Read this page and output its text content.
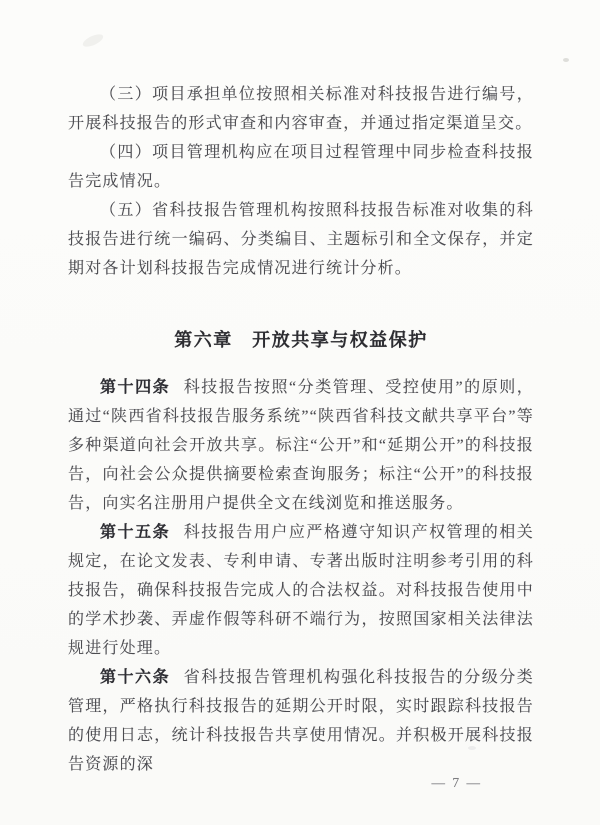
（三）项目承担单位按照相关标准对科技报告进行编号，开展科技报告的形式审查和内容审查，并通过指定渠道呈交。

（四）项目管理机构应在项目过程管理中同步检查科技报告完成情况。

（五）省科技报告管理机构按照科技报告标准对收集的科技报告进行统一编码、分类编目、主题标引和全文保存，并定期对各计划科技报告完成情况进行统计分析。

第六章　开放共享与权益保护

第十四条 科技报告按照“分类管理、受控使用”的原则，通过“陕西省科技报告服务系统”“陕西省科技文献共享平台”等多种渠道向社会开放共享。标注“公开”和“延期公开”的科技报告，向社会公众提供摘要检索查询服务；标注“公开”的科技报告，向实名注册用户提供全文在线浏览和推送服务。

第十五条 科技报告用户应严格遵守知识产权管理的相关规定，在论文发表、专利申请、专著出版时注明参考引用的科技报告，确保科技报告完成人的合法权益。对科技报告使用中的学术抄袭、弄虚作假等科研不端行为，按照国家相关法律法规进行处理。

第十六条 省科技报告管理机构强化科技报告的分级分类管理，严格执行科技报告的延期公开时限，实时跟踪科技报告的使用日志，统计科技报告共享使用情况。并积极开展科技报告资源的深

— 7 —
